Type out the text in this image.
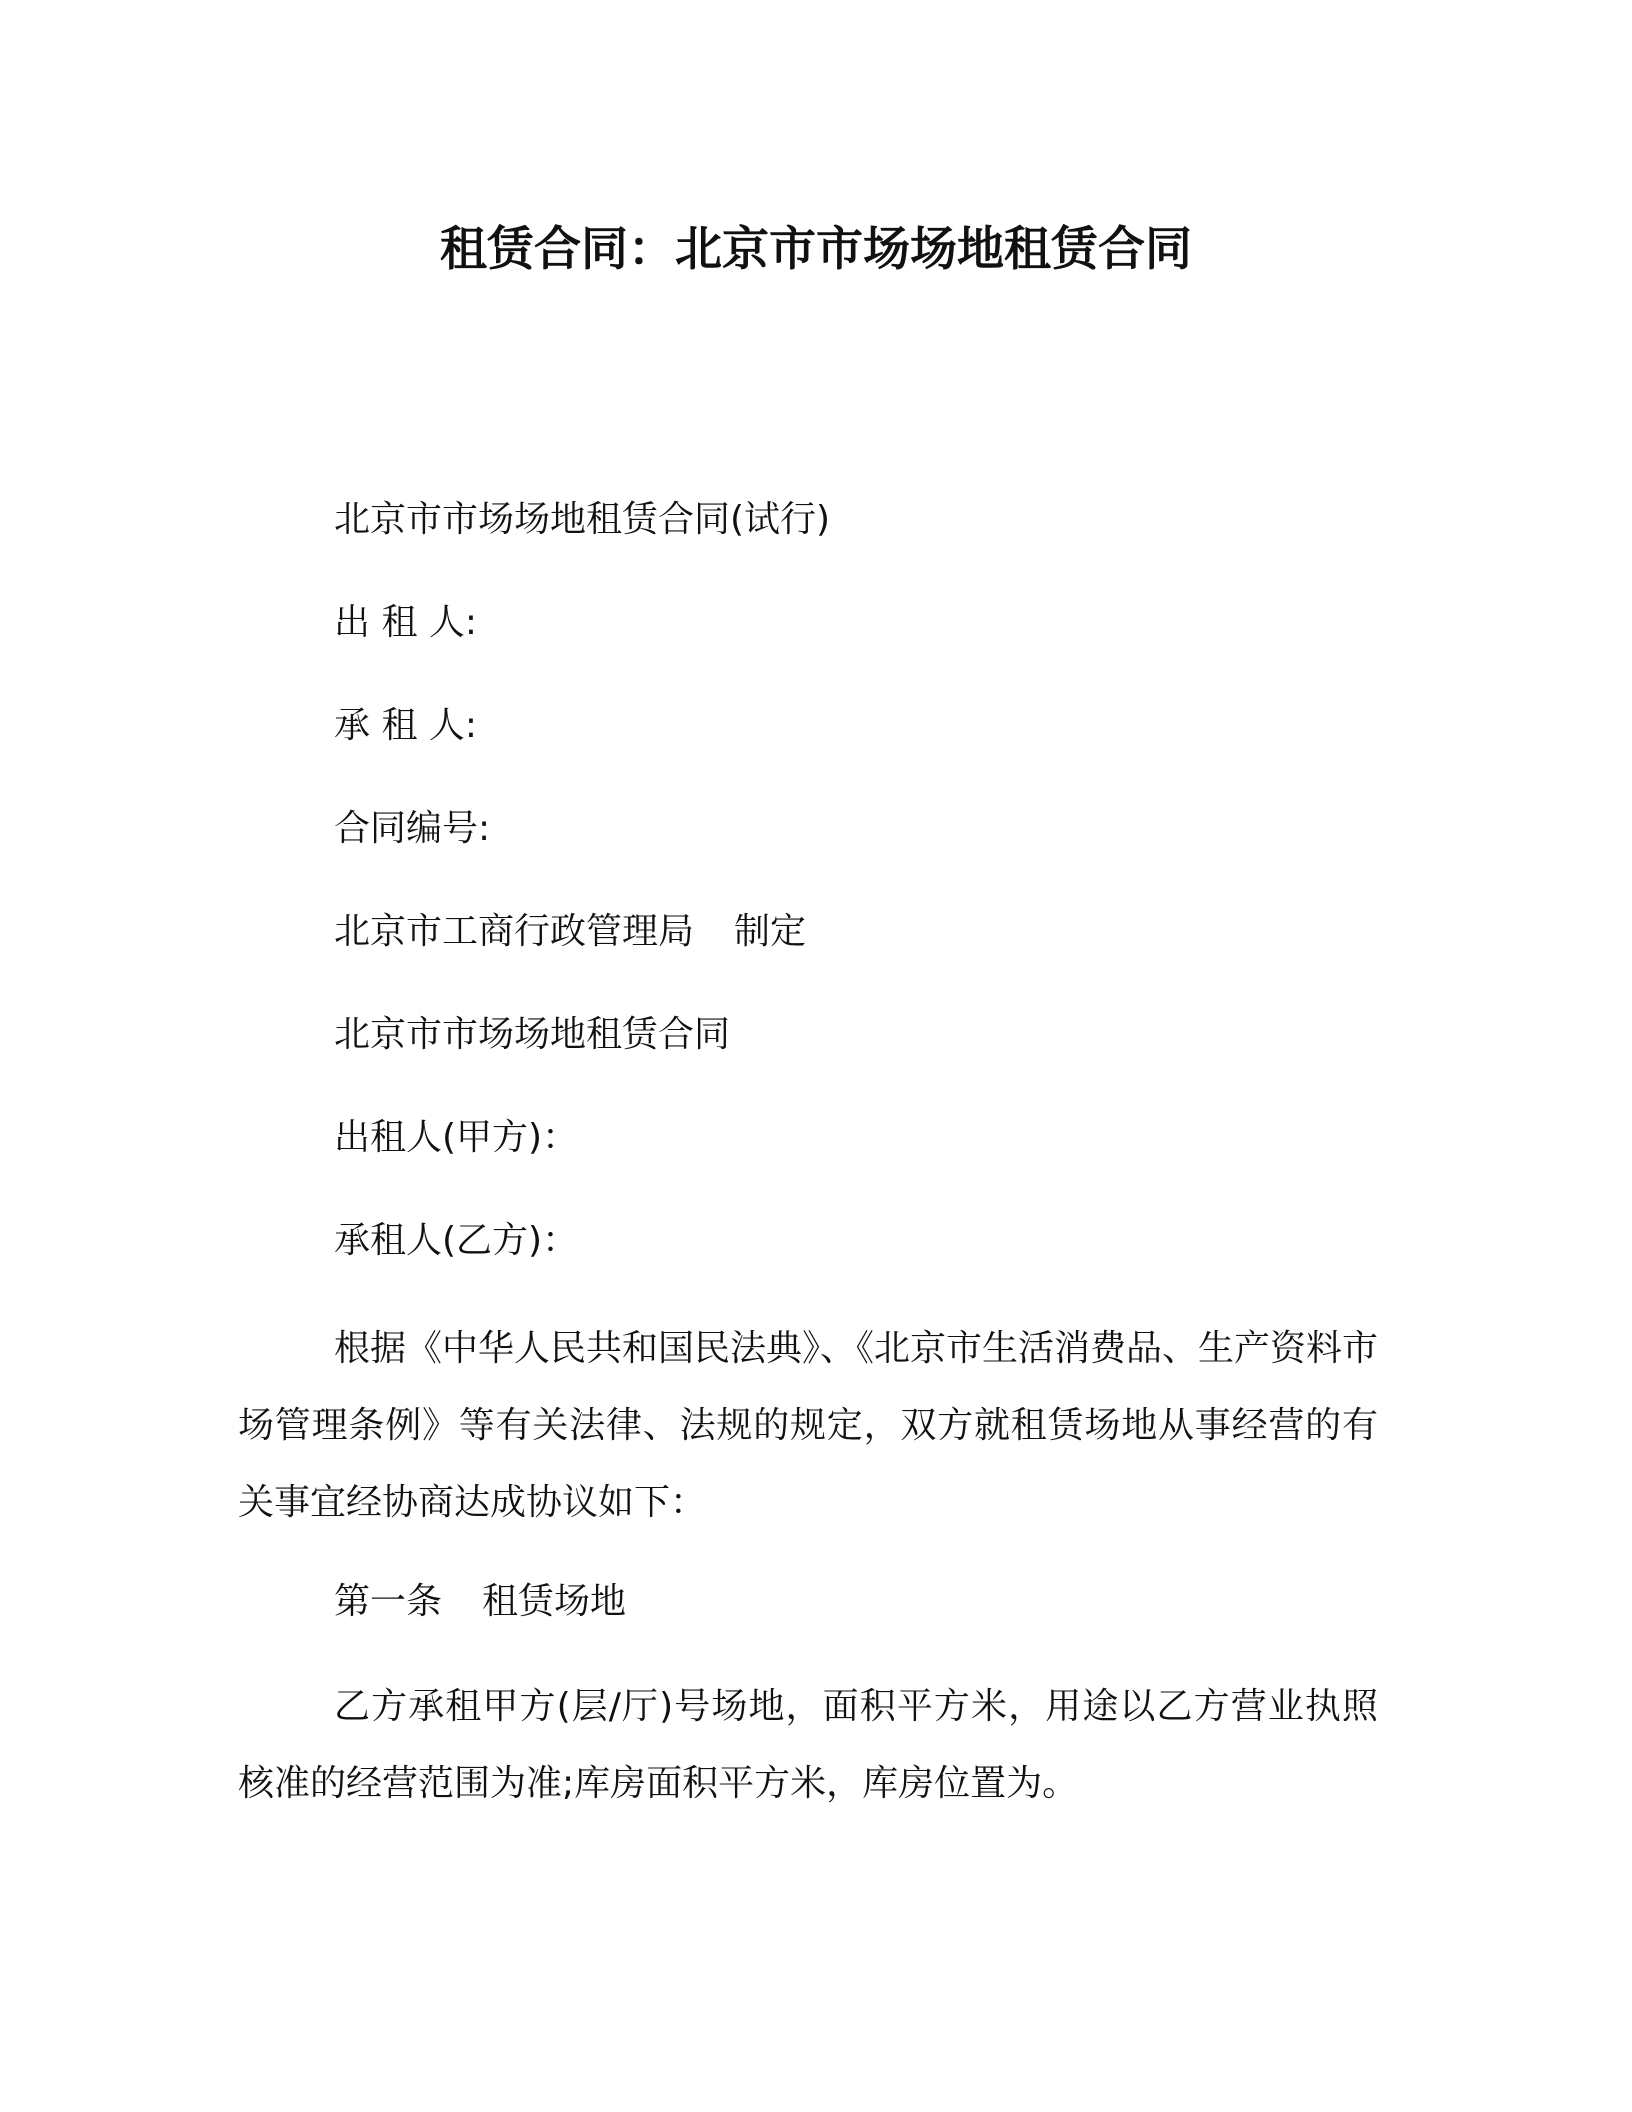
租赁合同：北京市市场场地租赁合同

北京市市场场地租赁合同(试行)

出 租 人:

承 租 人:

合同编号:

北京市工商行政管理局 制定

北京市市场场地租赁合同

出租人(甲方)：

承租人(乙方)：

根据《中华人民共和国民法典》、《北京市生活消费品、生产资料市场管理条例》等有关法律、法规的规定，双方就租赁场地从事经营的有关事宜经协商达成协议如下：

第一条 租赁场地

乙方承租甲方(层/厅)号场地，面积平方米，用途以乙方营业执照核准的经营范围为准;库房面积平方米，库房位置为。
